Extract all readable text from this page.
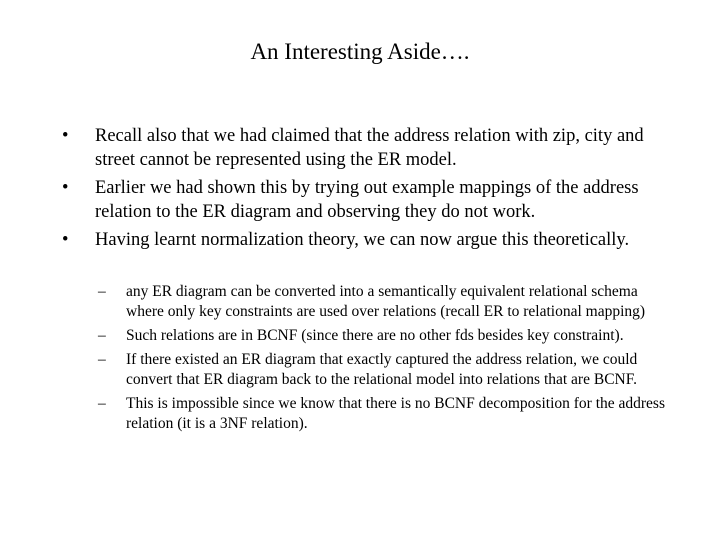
An Interesting Aside….
•	Recall also that we had claimed that the address relation with zip, city and street cannot be represented using the ER model.
•	Earlier we had shown this by trying out example mappings of the address relation to the ER diagram and observing they do not work.
•	Having learnt normalization theory, we can now argue this theoretically.
–	any ER diagram can be converted into a semantically equivalent relational schema where only key constraints are used over relations (recall ER to relational mapping)
–	Such relations are in BCNF (since there are no other fds besides key constraint).
–	If there existed an ER diagram that exactly captured the address relation, we could convert that ER diagram back to the relational model into relations that are BCNF.
–	This is impossible since we know that there is no BCNF decomposition for the address relation (it is a 3NF relation).
